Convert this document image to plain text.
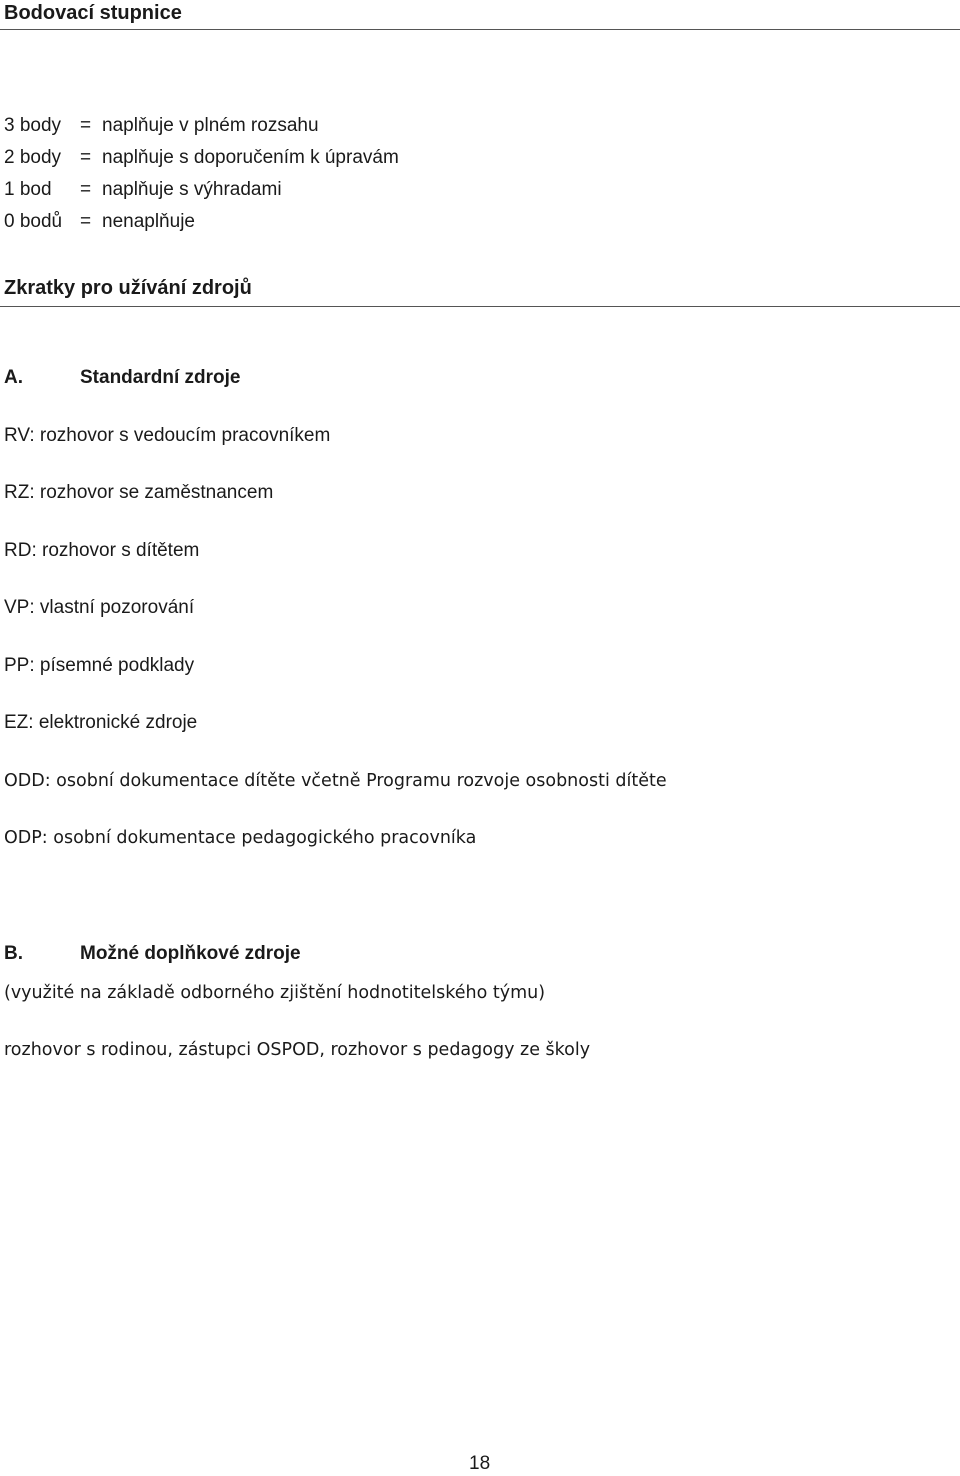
Bodovací stupnice
3 body = naplňuje v plném rozsahu
2 body = naplňuje s doporučením k úpravám
1 bod = naplňuje s výhradami
0 bodů = nenaplňuje
Zkratky pro užívání zdrojů
A.	Standardní zdroje
RV: rozhovor s vedoucím pracovníkem
RZ: rozhovor se zaměstnancem
RD: rozhovor s dítětem
VP: vlastní pozorování
PP: písemné podklady
EZ: elektronické zdroje
ODD: osobní dokumentace dítěte včetně Programu rozvoje osobnosti dítěte
ODP: osobní dokumentace pedagogického pracovníka
B.	Možné doplňkové zdroje
(využité na základě odborného zjištění hodnotitelského týmu)
rozhovor s rodinou, zástupci OSPOD, rozhovor s pedagogy ze školy
18
